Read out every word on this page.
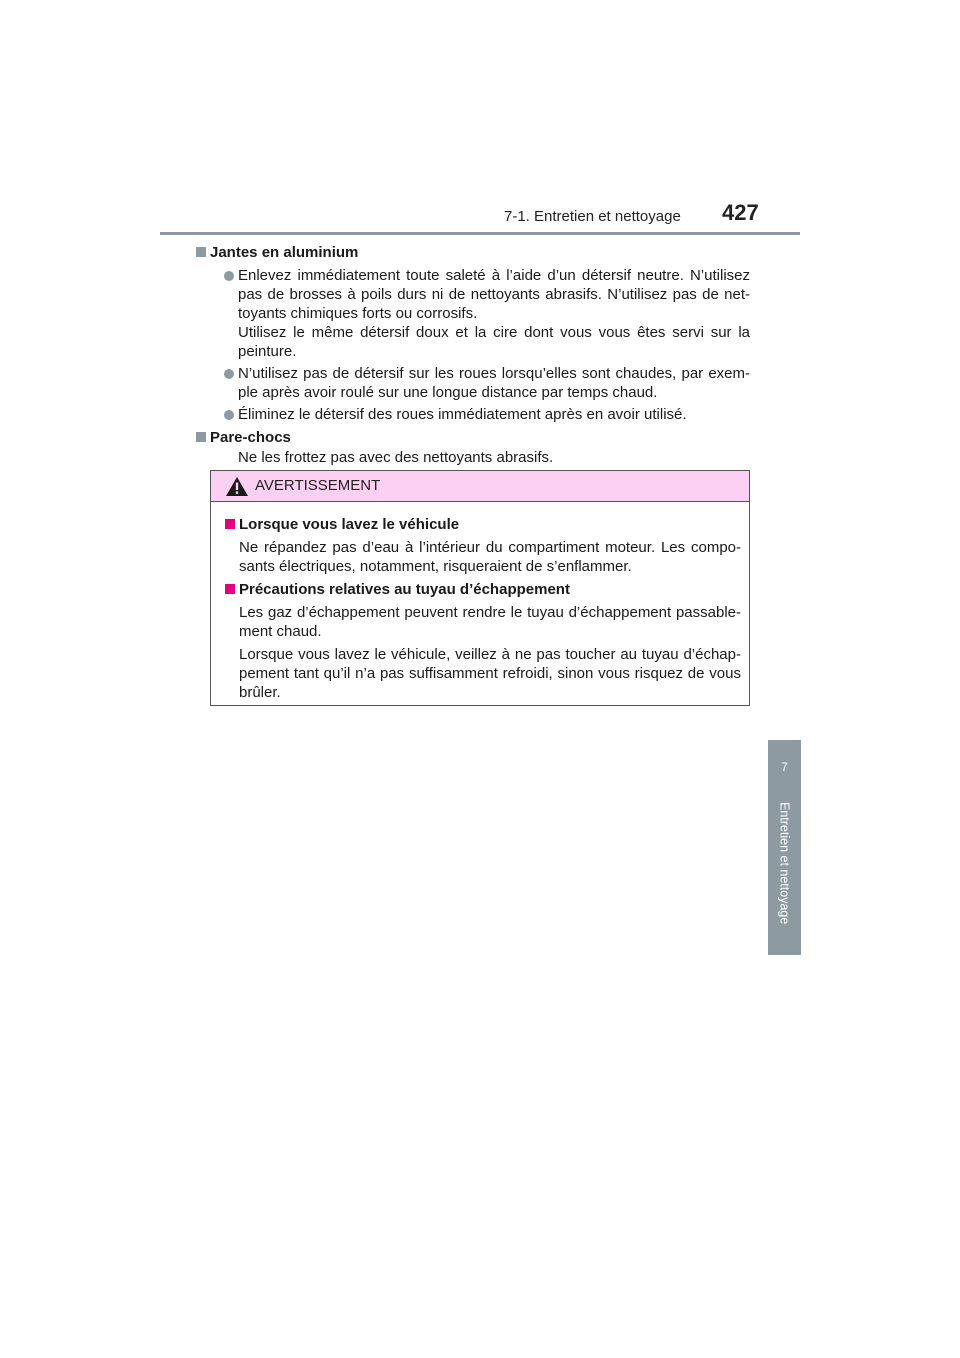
7-1. Entretien et nettoyage 427
7
Entretien et nettoyage
Jantes en aluminium

Enlevez immédiatement toute saleté à l’aide d’un détersif neutre. N’utilisez pas de brosses à poils durs ni de nettoyants abrasifs. N’utilisez pas de nettoyants chimiques forts ou corrosifs.

Utilisez le même détersif doux et la cire dont vous vous êtes servi sur la peinture.

N’utilisez pas de détersif sur les roues lorsqu’elles sont chaudes, par exemple après avoir roulé sur une longue distance par temps chaud.

Éliminez le détersif des roues immédiatement après en avoir utilisé.

Pare-chocs

Ne les frottez pas avec des nettoyants abrasifs.

AVERTISSEMENT
Lorsque vous lavez le véhicule

Ne répandez pas d’eau à l’intérieur du compartiment moteur. Les composants électriques, notamment, risqueraient de s’enflammer.

Précautions relatives au tuyau d’échappement

Les gaz d’échappement peuvent rendre le tuyau d’échappement passablement chaud.

Lorsque vous lavez le véhicule, veillez à ne pas toucher au tuyau d’échappement tant qu’il n’a pas suffisamment refroidi, sinon vous risquez de vous brûler.
